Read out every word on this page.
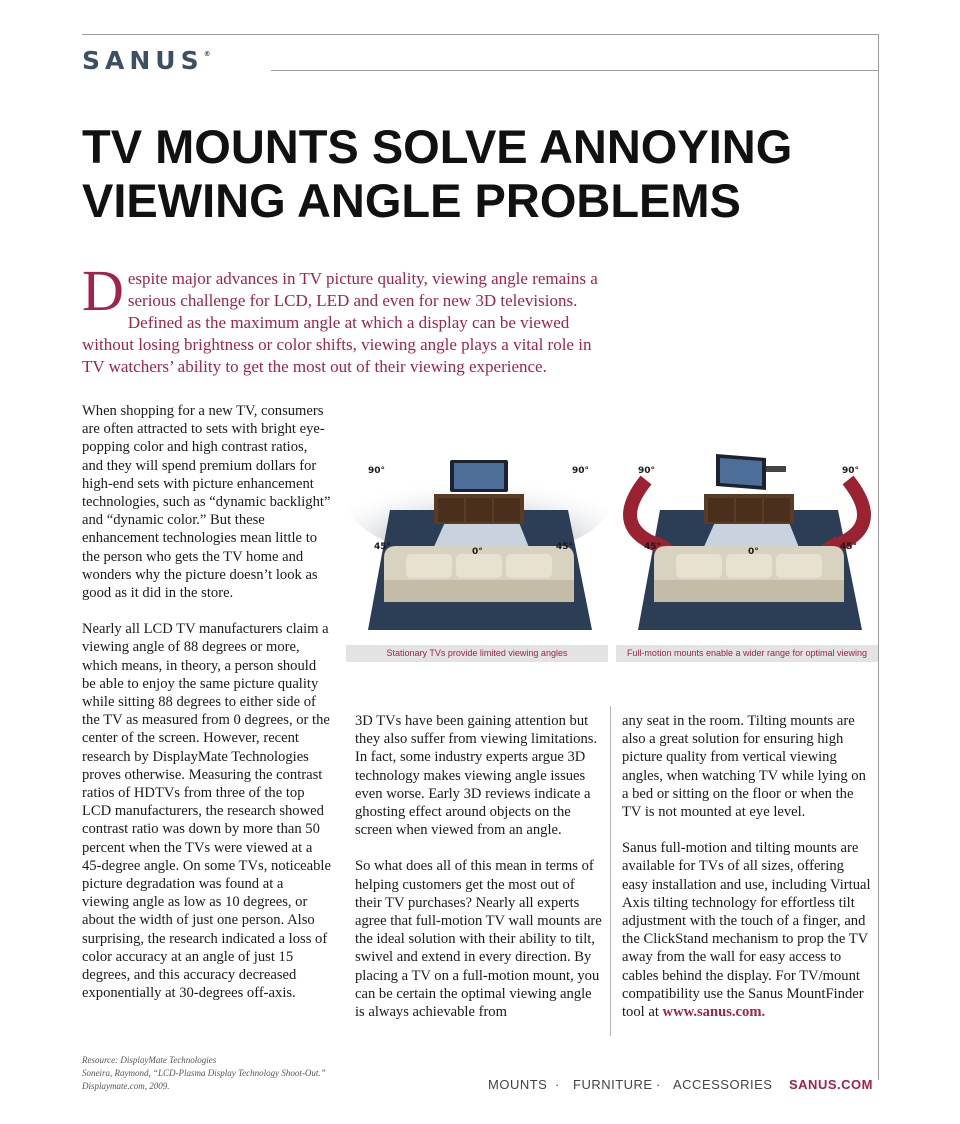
SANUS®
TV MOUNTS SOLVE ANNOYING VIEWING ANGLE PROBLEMS

Despite major advances in TV picture quality, viewing angle remains a serious challenge for LCD, LED and even for new 3D televisions. Defined as the maximum angle at which a display can be viewed without losing brightness or color shifts, viewing angle plays a vital role in TV watchers’ ability to get the most out of their viewing experience.

When shopping for a new TV, consumers are often attracted to sets with bright eye-popping color and high contrast ratios, and they will spend premium dollars for high-end sets with picture enhancement technologies, such as “dynamic backlight” and “dynamic color.” But these enhancement technologies mean little to the person who gets the TV home and wonders why the picture doesn’t look as good as it did in the store.

Nearly all LCD TV manufacturers claim a viewing angle of 88 degrees or more, which means, in theory, a person should be able to enjoy the same picture quality while sitting 88 degrees to either side of the TV as measured from 0 degrees, or the center of the screen. However, recent research by DisplayMate Technologies proves otherwise. Measuring the contrast ratios of HDTVs from three of the top LCD manufacturers, the research showed contrast ratio was down by more than 50 percent when the TVs were viewed at a 45-degree angle. On some TVs, noticeable picture degradation was found at a viewing angle as low as 10 degrees, or about the width of just one person. Also surprising, the research indicated a loss of color accuracy at an angle of just 15 degrees, and this accuracy decreased exponentially at 30-degrees off-axis.

90°	90°
45°	45°
0°
Stationary TVs provide limited viewing angles
90°	90°
45°	45°
0°
Full-motion mounts enable a wider range for optimal viewing

3D TVs have been gaining attention but they also suffer from viewing limitations. In fact, some industry experts argue 3D technology makes viewing angle issues even worse. Early 3D reviews indicate a ghosting effect around objects on the screen when viewed from an angle.

So what does all of this mean in terms of helping customers get the most out of their TV purchases? Nearly all experts agree that full-motion TV wall mounts are the ideal solution with their ability to tilt, swivel and extend in every direction. By placing a TV on a full-motion mount, you can be certain the optimal viewing angle is always achievable from

any seat in the room. Tilting mounts are also a great solution for ensuring high picture quality from vertical viewing angles, when watching TV while lying on a bed or sitting on the floor or when the TV is not mounted at eye level.

Sanus full-motion and tilting mounts are available for TVs of all sizes, offering easy installation and use, including Virtual Axis tilting technology for effortless tilt adjustment with the touch of a finger, and the ClickStand mechanism to prop the TV away from the wall for easy access to cables behind the display. For TV/mount compatibility use the Sanus MountFinder tool at www.sanus.com.

Resource: DisplayMate Technologies
Soneira, Raymond, “LCD-Plasma Display Technology Shoot-Out.”
Displaymate.com, 2009.	MOUNTS · FURNITURE · ACCESSORIES SANUS.COM
